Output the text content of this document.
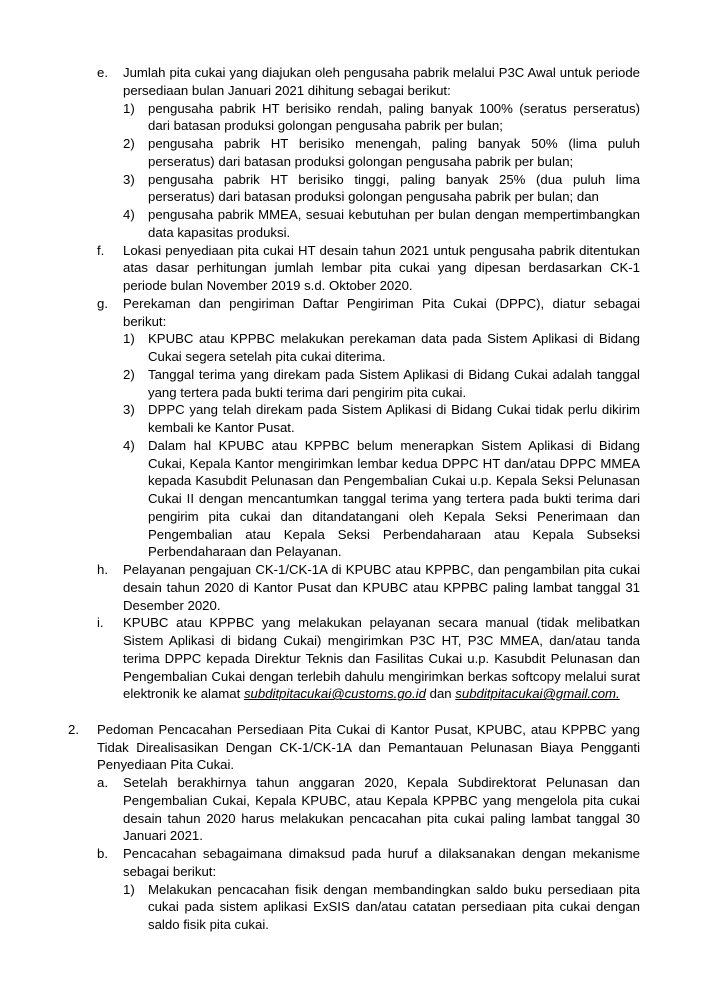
e.	Jumlah pita cukai yang diajukan oleh pengusaha pabrik melalui P3C Awal untuk periode persediaan bulan Januari 2021 dihitung sebagai berikut:

1)	pengusaha pabrik HT berisiko rendah, paling banyak 100% (seratus perseratus) dari batasan produksi golongan pengusaha pabrik per bulan;

2)	pengusaha pabrik HT berisiko menengah, paling banyak 50% (lima puluh perseratus) dari batasan produksi golongan pengusaha pabrik per bulan;

3)	pengusaha pabrik HT berisiko tinggi, paling banyak 25% (dua puluh lima perseratus) dari batasan produksi golongan pengusaha pabrik per bulan; dan

4)	pengusaha pabrik MMEA, sesuai kebutuhan per bulan dengan mempertimbangkan data kapasitas produksi.

f.	Lokasi penyediaan pita cukai HT desain tahun 2021 untuk pengusaha pabrik ditentukan atas dasar perhitungan jumlah lembar pita cukai yang dipesan berdasarkan CK-1 periode bulan November 2019 s.d. Oktober 2020.

g.	Perekaman dan pengiriman Daftar Pengiriman Pita Cukai (DPPC), diatur sebagai berikut:

1)	KPUBC atau KPPBC melakukan perekaman data pada Sistem Aplikasi di Bidang Cukai segera setelah pita cukai diterima.

2)	Tanggal terima yang direkam pada Sistem Aplikasi di Bidang Cukai adalah tanggal yang tertera pada bukti terima dari pengirim pita cukai.

3)	DPPC yang telah direkam pada Sistem Aplikasi di Bidang Cukai tidak perlu dikirim kembali ke Kantor Pusat.

4)	Dalam hal KPUBC atau KPPBC belum menerapkan Sistem Aplikasi di Bidang Cukai, Kepala Kantor mengirimkan lembar kedua DPPC HT dan/atau DPPC MMEA kepada Kasubdit Pelunasan dan Pengembalian Cukai u.p. Kepala Seksi Pelunasan Cukai II dengan mencantumkan tanggal terima yang tertera pada bukti terima dari pengirim pita cukai dan ditandatangani oleh Kepala Seksi Penerimaan dan Pengembalian atau Kepala Seksi Perbendaharaan atau Kepala Subseksi Perbendaharaan dan Pelayanan.

h.	Pelayanan pengajuan CK-1/CK-1A di KPUBC atau KPPBC, dan pengambilan pita cukai desain tahun 2020 di Kantor Pusat dan KPUBC atau KPPBC paling lambat tanggal 31 Desember 2020.

i.	KPUBC atau KPPBC yang melakukan pelayanan secara manual (tidak melibatkan Sistem Aplikasi di bidang Cukai) mengirimkan P3C HT, P3C MMEA, dan/atau tanda terima DPPC kepada Direktur Teknis dan Fasilitas Cukai u.p. Kasubdit Pelunasan dan Pengembalian Cukai dengan terlebih dahulu mengirimkan berkas softcopy melalui surat elektronik ke alamat subditpitacukai@customs.go.id dan subditpitacukai@gmail.com.

2.	Pedoman Pencacahan Persediaan Pita Cukai di Kantor Pusat, KPUBC, atau KPPBC yang Tidak Direalisasikan Dengan CK-1/CK-1A dan Pemantauan Pelunasan Biaya Pengganti Penyediaan Pita Cukai.

a.	Setelah berakhirnya tahun anggaran 2020, Kepala Subdirektorat Pelunasan dan Pengembalian Cukai, Kepala KPUBC, atau Kepala KPPBC yang mengelola pita cukai desain tahun 2020 harus melakukan pencacahan pita cukai paling lambat tanggal 30 Januari 2021.

b.	Pencacahan sebagaimana dimaksud pada huruf a dilaksanakan dengan mekanisme sebagai berikut:

1)	Melakukan pencacahan fisik dengan membandingkan saldo buku persediaan pita cukai pada sistem aplikasi ExSIS dan/atau catatan persediaan pita cukai dengan saldo fisik pita cukai.
